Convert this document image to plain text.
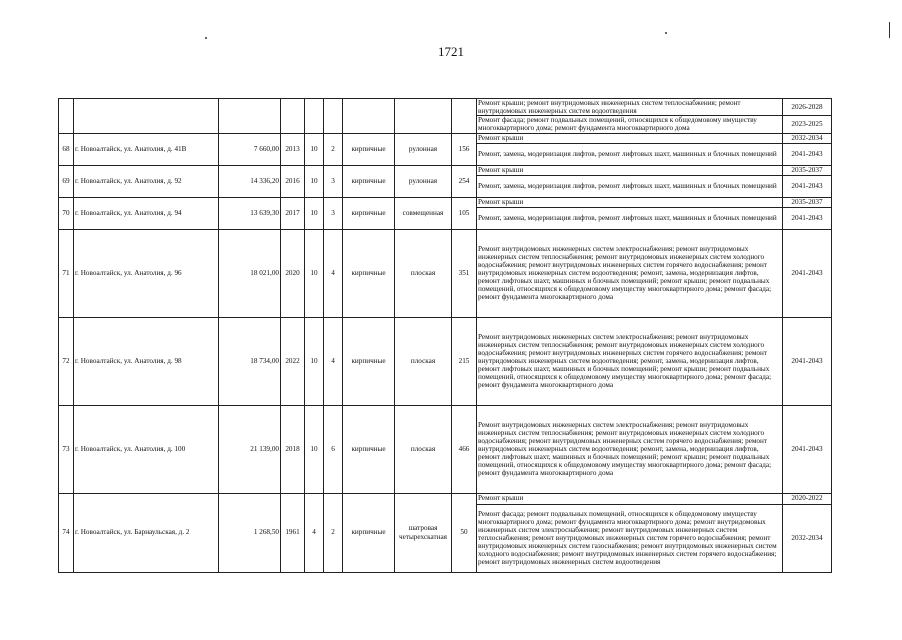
1721
									Ремонт крыши; ремонт внутридомовых инженерных систем теплоснабжения; ремонт внутридомовых инженерных систем водоотведения	2026-2028
									Ремонт фасада; ремонт подвальных помещений, относящихся к общедомовому имуществу многоквартирного дома; ремонт фундамента многоквартирного дома	2023-2025
68	г. Новоалтайск, ул. Анатолия, д. 41В	7 660,00	2013	10	2	кирпичные	рулонная	156	Ремонт крыши	2032-2034
									Ремонт, замена, модернизация лифтов, ремонт лифтовых шахт, машинных и блочных помещений	2041-2043
69	г. Новоалтайск, ул. Анатолия, д. 92	14 336,20	2016	10	3	кирпичные	рулонная	254	Ремонт крыши	2035-2037
									Ремонт, замена, модернизация лифтов, ремонт лифтовых шахт, машинных и блочных помещений	2041-2043
70	г. Новоалтайск, ул. Анатолия, д. 94	13 639,30	2017	10	3	кирпичные	совмещенная	105	Ремонт крыши	2035-2037
									Ремонт, замена, модернизация лифтов, ремонт лифтовых шахт, машинных и блочных помещений	2041-2043
71	г. Новоалтайск, ул. Анатолия, д. 96	18 021,00	2020	10	4	кирпичные	плоская	351	Ремонт внутридомовых инженерных систем электроснабжения; ремонт внутридомовых инженерных систем теплоснабжения; ремонт внутридомовых инженерных систем холодного водоснабжения; ремонт внутридомовых инженерных систем горячего водоснабжения; ремонт внутридомовых инженерных систем водоотведения; ремонт, замена, модернизация лифтов, ремонт лифтовых шахт, машинных и блочных помещений; ремонт крыши; ремонт подвальных помещений, относящихся к общедомовому имуществу многоквартирного дома; ремонт фасада; ремонт фундамента многоквартирного дома	2041-2043
72	г. Новоалтайск, ул. Анатолия, д. 98	18 734,00	2022	10	4	кирпичные	плоская	215	Ремонт внутридомовых инженерных систем электроснабжения; ремонт внутридомовых инженерных систем теплоснабжения; ремонт внутридомовых инженерных систем холодного водоснабжения; ремонт внутридомовых инженерных систем горячего водоснабжения; ремонт внутридомовых инженерных систем водоотведения; ремонт, замена, модернизация лифтов, ремонт лифтовых шахт, машинных и блочных помещений; ремонт крыши; ремонт подвальных помещений, относящихся к общедомовому имуществу многоквартирного дома; ремонт фасада; ремонт фундамента многоквартирного дома	2041-2043
73	г. Новоалтайск, ул. Анатолия, д. 100	21 139,00	2018	10	6	кирпичные	плоская	466	Ремонт внутридомовых инженерных систем электроснабжения; ремонт внутридомовых инженерных систем теплоснабжения; ремонт внутридомовых инженерных систем холодного водоснабжения; ремонт внутридомовых инженерных систем горячего водоснабжения; ремонт внутридомовых инженерных систем водоотведения; ремонт, замена, модернизация лифтов, ремонт лифтовых шахт, машинных и блочных помещений; ремонт крыши; ремонт подвальных помещений, относящихся к общедомовому имуществу многоквартирного дома; ремонт фасада; ремонт фундамента многоквартирного дома	2041-2043
74	г. Новоалтайск, ул. Барнаульская, д. 2	1 268,50	1961	4	2	кирпичные	шатровая четырехскатная	50	Ремонт крыши	2020-2022
									Ремонт фасада; ремонт подвальных помещений, относящихся к общедомовому имуществу многоквартирного дома; ремонт фундамента многоквартирного дома; ремонт внутридомовых инженерных систем электроснабжения; ремонт внутридомовых инженерных систем теплоснабжения; ремонт внутридомовых инженерных систем горячего водоснабжения; ремонт внутридомовых инженерных систем газоснабжения; ремонт внутридомовых инженерных систем холодного водоснабжения; ремонт внутридомовых инженерных систем горячего водоснабжения; ремонт внутридомовых инженерных систем водоотведения	2032-2034
